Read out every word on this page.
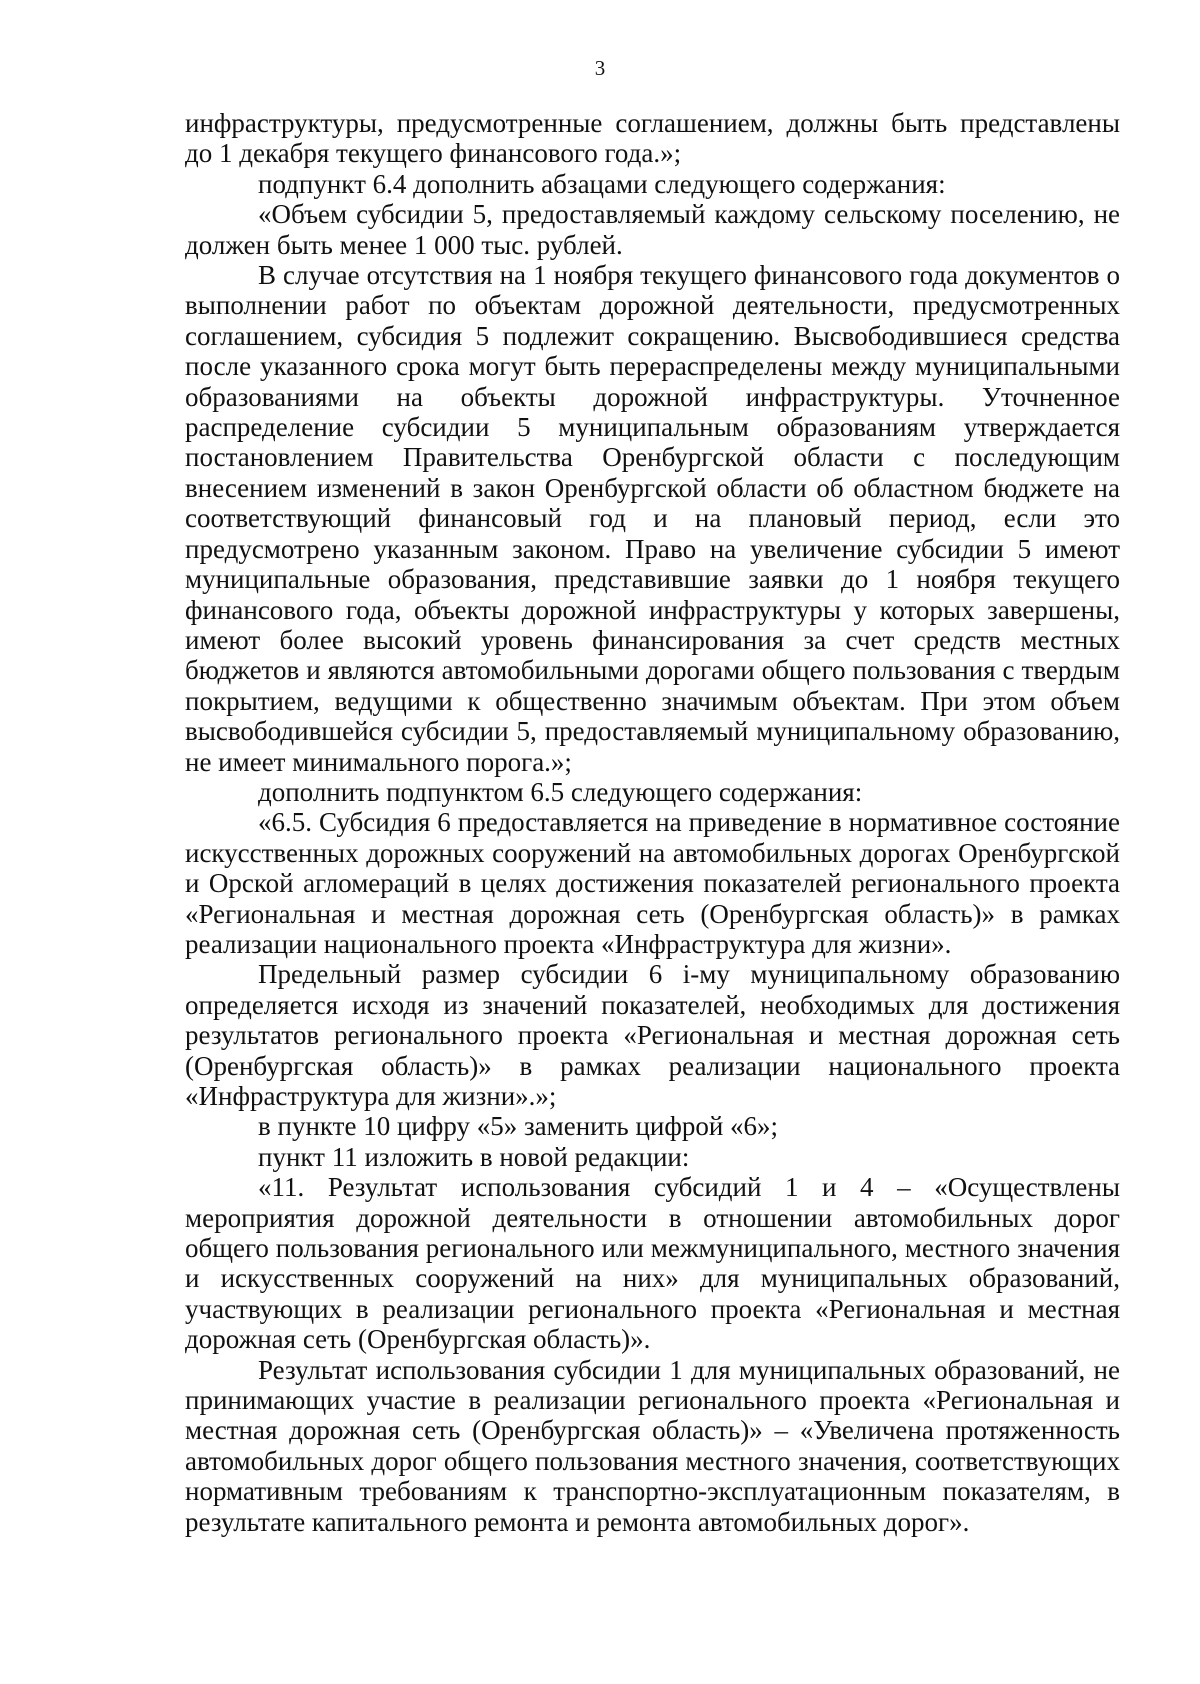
3

инфраструктуры, предусмотренные соглашением, должны быть представлены до 1 декабря текущего финансового года.»;

подпункт 6.4 дополнить абзацами следующего содержания:

«Объем субсидии 5, предоставляемый каждому сельскому поселению, не должен быть менее 1 000 тыс. рублей.

В случае отсутствия на 1 ноября текущего финансового года документов о выполнении работ по объектам дорожной деятельности, предусмотренных соглашением, субсидия 5 подлежит сокращению. Высвободившиеся средства после указанного срока могут быть перераспределены между муниципальными образованиями на объекты дорожной инфраструктуры. Уточненное распределение субсидии 5 муниципальным образованиям утверждается постановлением Правительства Оренбургской области с последующим внесением изменений в закон Оренбургской области об областном бюджете на соответствующий финансовый год и на плановый период, если это предусмотрено указанным законом. Право на увеличение субсидии 5 имеют муниципальные образования, представившие заявки до 1 ноября текущего финансового года, объекты дорожной инфраструктуры у которых завершены, имеют более высокий уровень финансирования за счет средств местных бюджетов и являются автомобильными дорогами общего пользования с твердым покрытием, ведущими к общественно значимым объектам. При этом объем высвободившейся субсидии 5, предоставляемый муниципальному образованию, не имеет минимального порога.»;

дополнить подпунктом 6.5 следующего содержания:

«6.5. Субсидия 6 предоставляется на приведение в нормативное состояние искусственных дорожных сооружений на автомобильных дорогах Оренбургской и Орской агломераций в целях достижения показателей регионального проекта «Региональная и местная дорожная сеть (Оренбургская область)» в рамках реализации национального проекта «Инфраструктура для жизни».

Предельный размер субсидии 6 i-му муниципальному образованию определяется исходя из значений показателей, необходимых для достижения результатов регионального проекта «Региональная и местная дорожная сеть (Оренбургская область)» в рамках реализации национального проекта «Инфраструктура для жизни».»;

в пункте 10 цифру «5» заменить цифрой «6»;

пункт 11 изложить в новой редакции:

«11. Результат использования субсидий 1 и 4 – «Осуществлены мероприятия дорожной деятельности в отношении автомобильных дорог общего пользования регионального или межмуниципального, местного значения и искусственных сооружений на них» для муниципальных образований, участвующих в реализации регионального проекта «Региональная и местная дорожная сеть (Оренбургская область)».

Результат использования субсидии 1 для муниципальных образований, не принимающих участие в реализации регионального проекта «Региональная и местная дорожная сеть (Оренбургская область)» – «Увеличена протяженность автомобильных дорог общего пользования местного значения, соответствующих нормативным требованиям к транспортно-эксплуатационным показателям, в результате капитального ремонта и ремонта автомобильных дорог».
